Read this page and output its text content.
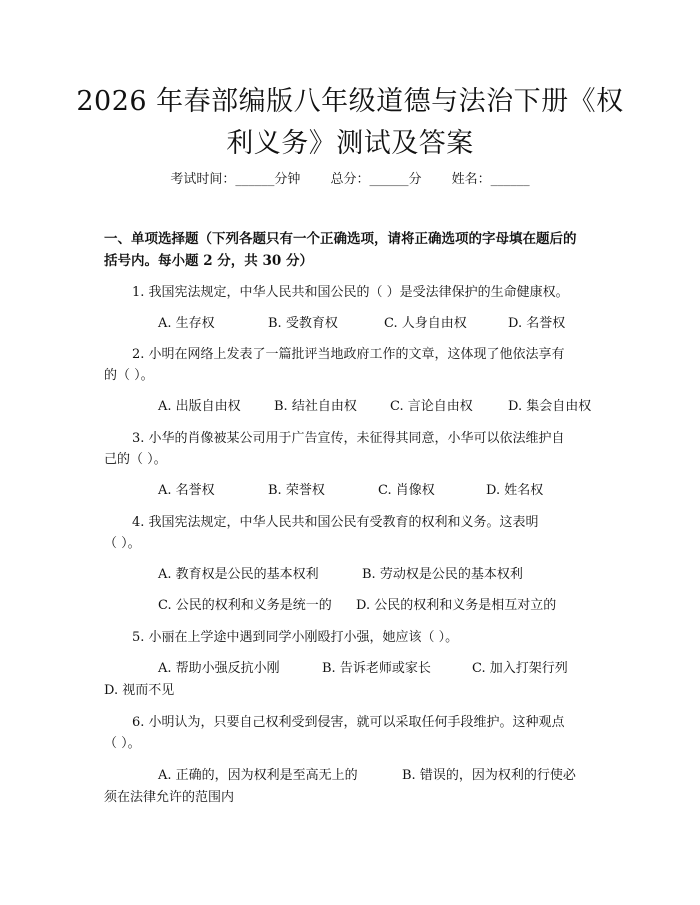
2026 年春部编版八年级道德与法治下册《权
利义务》测试及答案
考试时间：______分钟 总分：______分 姓名：______
一、单项选择题（下列各题只有一个正确选项，请将正确选项的字母填在题后的
括号内。每小题 2 分，共 30 分）
1. 我国宪法规定，中华人民共和国公民的（ ）是受法律保护的生命健康权。
A. 生存权	B. 受教育权	C. 人身自由权	D. 名誉权
2. 小明在网络上发表了一篇批评当地政府工作的文章，这体现了他依法享有
的（ ）。
A. 出版自由权	B. 结社自由权	C. 言论自由权	D. 集会自由权
3. 小华的肖像被某公司用于广告宣传，未征得其同意，小华可以依法维护自
己的（ ）。
A. 名誉权	B. 荣誉权	C. 肖像权	D. 姓名权
4. 我国宪法规定，中华人民共和国公民有受教育的权利和义务。这表明
（ ）。
A. 教育权是公民的基本权利	B. 劳动权是公民的基本权利
C. 公民的权利和义务是统一的 D. 公民的权利和义务是相互对立的
5. 小丽在上学途中遇到同学小刚殴打小强，她应该（ ）。
A. 帮助小强反抗小刚	B. 告诉老师或家长	C. 加入打架行列
D. 视而不见
6. 小明认为，只要自己权利受到侵害，就可以采取任何手段维护。这种观点
（ ）。
A. 正确的，因为权利是至高无上的	B. 错误的，因为权利的行使必
须在法律允许的范围内
